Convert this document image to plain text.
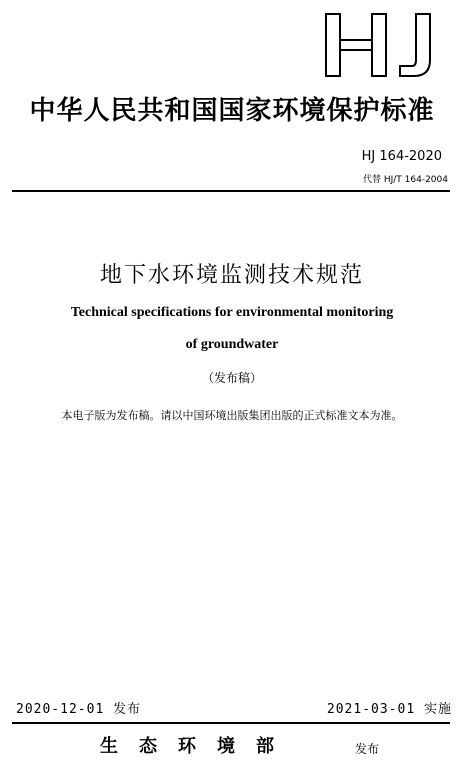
HJ
中华人民共和国国家环境保护标准
HJ 164-2020
代替 HJ/T 164-2004
地下水环境监测技术规范
Technical specifications for environmental monitoring
of groundwater
（发布稿）
本电子版为发布稿。请以中国环境出版集团出版的正式标准文本为准。
2020-12-01 发布	2021-03-01 实施
生态环境部	发布
